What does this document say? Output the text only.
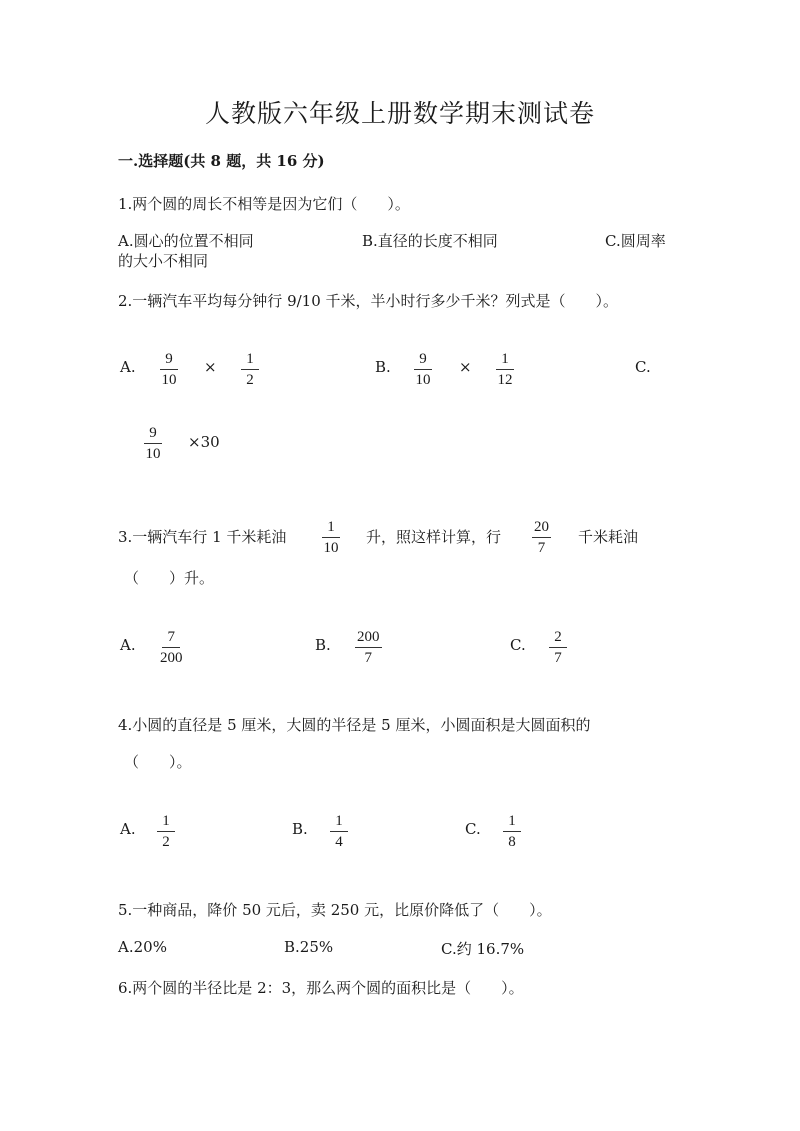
人教版六年级上册数学期末测试卷
一.选择题(共 8 题，共 16 分)
1.两个圆的周长不相等是因为它们（　　）。
A.圆心的位置不相同	B.直径的长度不相同	C.圆周率
的大小不相同
2.一辆汽车平均每分钟行 9/10 千米，半小时行多少千米？列式是（　　）。
A. $\frac{9}{10} \times \frac{1}{2}$	B. $\frac{9}{10} \times \frac{1}{12}$	C.
$\frac{9}{10} \times 30$
3.一辆汽车行 1 千米耗油 $\frac{1}{10}$ 升，照这样计算，行 $\frac{20}{7}$ 千米耗油
（　　）升。
A. $\frac{7}{200}$	B. $\frac{200}{7}$	C. $\frac{2}{7}$
4.小圆的直径是 5 厘米，大圆的半径是 5 厘米，小圆面积是大圆面积的
（　　）。
A. $\frac{1}{2}$	B. $\frac{1}{4}$	C. $\frac{1}{8}$
5.一种商品，降价 50 元后，卖 250 元，比原价降低了（　　）。
A.20%	B.25%	C.约 16.7%
6.两个圆的半径比是 2：3，那么两个圆的面积比是（　　）。
